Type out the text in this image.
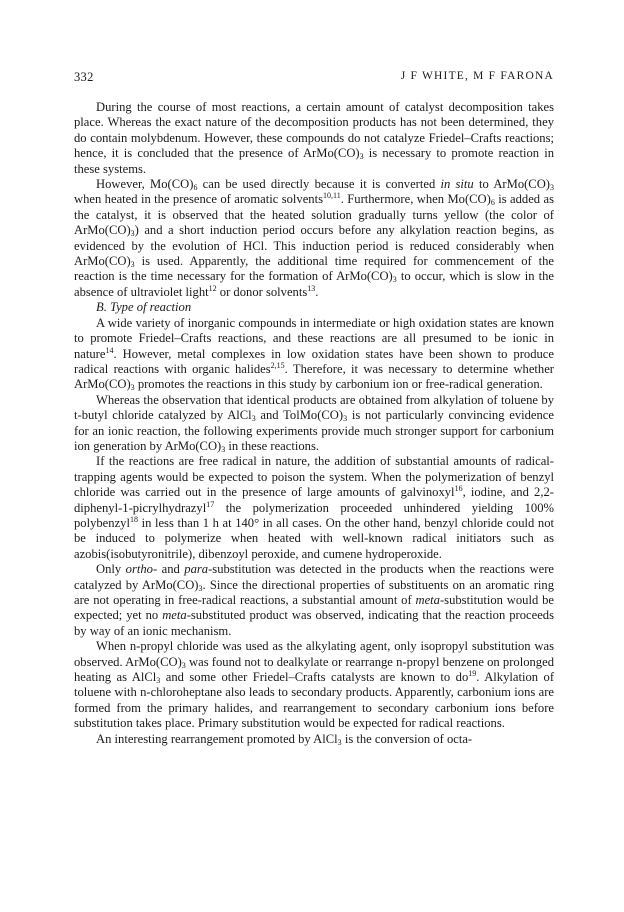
332	J F WHITE, M F FARONA

During the course of most reactions, a certain amount of catalyst decomposition takes place. Whereas the exact nature of the decomposition products has not been determined, they do contain molybdenum. However, these compounds do not catalyze Friedel–Crafts reactions; hence, it is concluded that the presence of $ArMo(CO)_3$ is necessary to promote reaction in these systems.

However, $Mo(CO)_6$ can be used directly because it is converted in situ to $ArMo(CO)_3$ when heated in the presence of aromatic solvents$^{10,11}$. Furthermore, when $Mo(CO)_6$ is added as the catalyst, it is observed that the heated solution gradually turns yellow (the color of $ArMo(CO)_3$) and a short induction period occurs before any alkylation reaction begins, as evidenced by the evolution of HCl. This induction period is reduced considerably when $ArMo(CO)_3$ is used. Apparently, the additional time required for commencement of the reaction is the time necessary for the formation of $ArMo(CO)_3$ to occur, which is slow in the absence of ultraviolet light$^{12}$ or donor solvents$^{13}$.

B. Type of reaction

A wide variety of inorganic compounds in intermediate or high oxidation states are known to promote Friedel–Crafts reactions, and these reactions are all presumed to be ionic in nature$^{14}$. However, metal complexes in low oxidation states have been shown to produce radical reactions with organic halides$^{2,15}$. Therefore, it was necessary to determine whether $ArMo(CO)_3$ promotes the reactions in this study by carbonium ion or free-radical generation.

Whereas the observation that identical products are obtained from alkylation of toluene by t-butyl chloride catalyzed by AlCl$_3$ and $TolMo(CO)_3$ is not particularly convincing evidence for an ionic reaction, the following experiments provide much stronger support for carbonium ion generation by $ArMo(CO)_3$ in these reactions.

If the reactions are free radical in nature, the addition of substantial amounts of radical-trapping agents would be expected to poison the system. When the polymerization of benzyl chloride was carried out in the presence of large amounts of galvinoxyl$^{16}$, iodine, and 2,2-diphenyl-1-picrylhydrazyl$^{17}$ the polymerization proceeded unhindered yielding 100% polybenzyl$^{18}$ in less than 1 h at 140° in all cases. On the other hand, benzyl chloride could not be induced to polymerize when heated with well-known radical initiators such as azobis(isobutyronitrile), dibenzoyl peroxide, and cumene hydroperoxide.

Only ortho- and para-substitution was detected in the products when the reactions were catalyzed by $ArMo(CO)_3$. Since the directional properties of substituents on an aromatic ring are not operating in free-radical reactions, a substantial amount of meta-substitution would be expected; yet no meta-substituted product was observed, indicating that the reaction proceeds by way of an ionic mechanism.

When n-propyl chloride was used as the alkylating agent, only isopropyl substitution was observed. $ArMo(CO)_3$ was found not to dealkylate or rearrange n-propyl benzene on prolonged heating as AlCl$_3$ and some other Friedel–Crafts catalysts are known to $do^{19}$. Alkylation of toluene with n-chloroheptane also leads to secondary products. Apparently, carbonium ions are formed from the primary halides, and rearrangement to secondary carbonium ions before substitution takes place. Primary substitution would be expected for radical reactions.

An interesting rearrangement promoted by AlCl$_3$ is the conversion of octa-
